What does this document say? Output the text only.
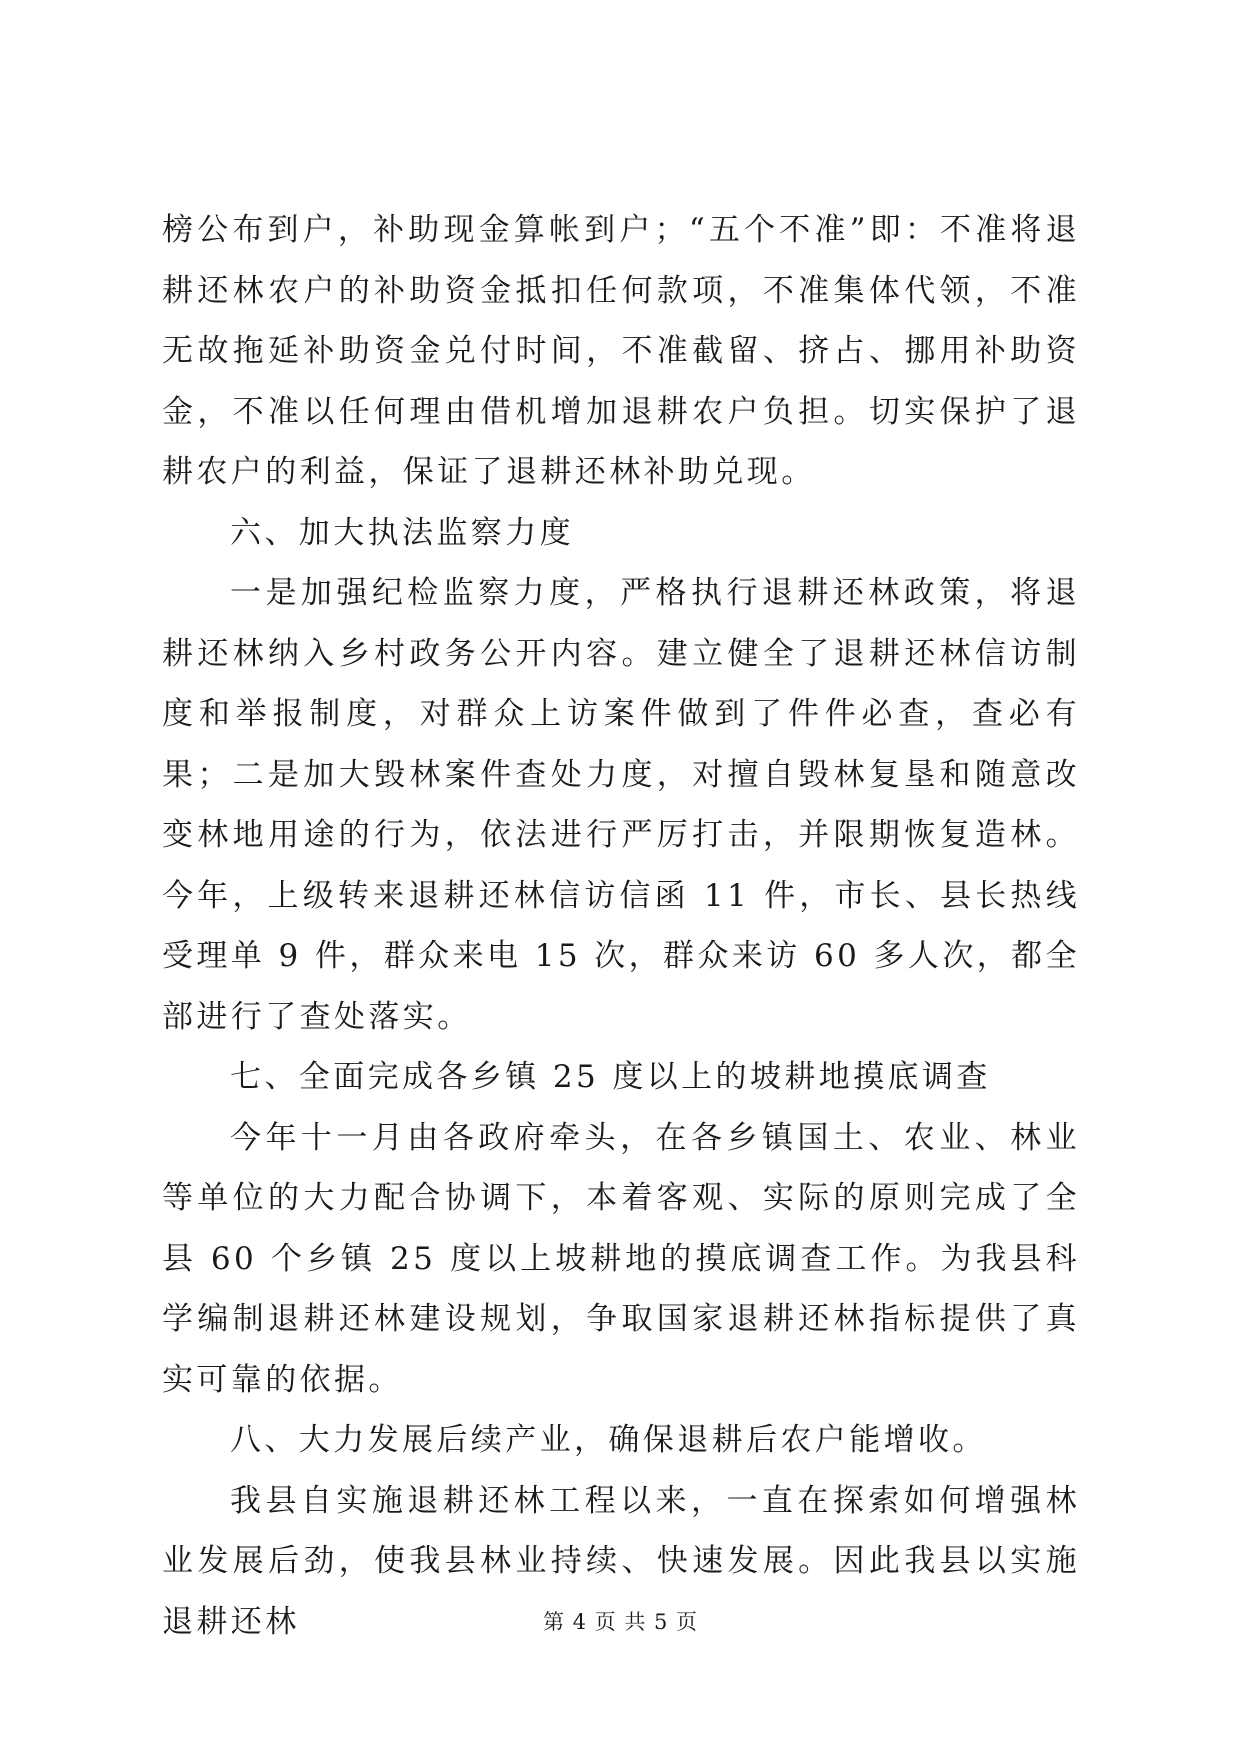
榜公布到户，补助现金算帐到户；“五个不准”即：不准将退耕还林农户的补助资金抵扣任何款项，不准集体代领，不准无故拖延补助资金兑付时间，不准截留、挤占、挪用补助资金，不准以任何理由借机增加退耕农户负担。切实保护了退耕农户的利益，保证了退耕还林补助兑现。

六、加大执法监察力度

一是加强纪检监察力度，严格执行退耕还林政策，将退耕还林纳入乡村政务公开内容。建立健全了退耕还林信访制度和举报制度，对群众上访案件做到了件件必查，查必有果；二是加大毁林案件查处力度，对擅自毁林复垦和随意改变林地用途的行为，依法进行严厉打击，并限期恢复造林。今年，上级转来退耕还林信访信函 11 件，市长、县长热线受理单 9 件，群众来电 15 次，群众来访 60 多人次，都全部进行了查处落实。

七、全面完成各乡镇 25 度以上的坡耕地摸底调查

今年十一月由各政府牵头，在各乡镇国土、农业、林业等单位的大力配合协调下，本着客观、实际的原则完成了全县 60 个乡镇 25 度以上坡耕地的摸底调查工作。为我县科学编制退耕还林建设规划，争取国家退耕还林指标提供了真实可靠的依据。

八、大力发展后续产业，确保退耕后农户能增收。

我县自实施退耕还林工程以来，一直在探索如何增强林业发展后劲，使我县林业持续、快速发展。因此我县以实施退耕还林	第 4 页 共 5 页
